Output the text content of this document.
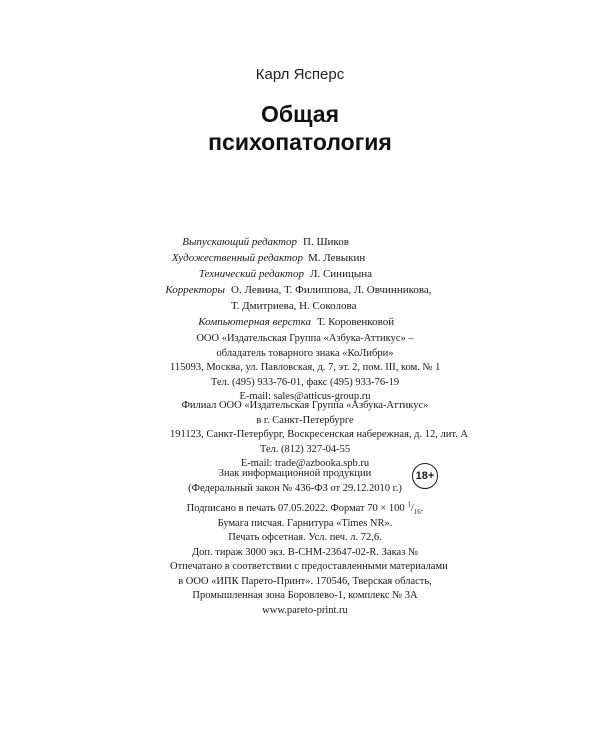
Карл Ясперс
Общая
психопатология
Выпускающий редактор П. Шиков
Художественный редактор М. Левыкин
Технический редактор Л. Синицына
Корректоры О. Левина, Т. Филиппова, Л. Овчинникова,
Т. Дмитриева, Н. Соколова
Компьютерная верстка Т. Коровенковой
ООО «Издательская Группа «Азбука-Аттикус» –
обладатель товарного знака «КоЛибри»
115093, Москва, ул. Павловская, д. 7, эт. 2, пом. III, ком. № 1
Тел. (495) 933-76-01, факс (495) 933-76-19
E-mail: sales@atticus-group.ru
Филиал ООО «Издательская Группа «Азбука-Аттикус»
в г. Санкт-Петербурге
191123, Санкт-Петербург, Воскресенская набережная, д. 12, лит. А
Тел. (812) 327-04-55
E-mail: trade@azbooka.spb.ru
Знак информационной продукции
(Федеральный закон № 436-ФЗ от 29.12.2010 г.)
18+
Подписано в печать 07.05.2022. Формат 70 × 100 $^1/_{16}$.
Бумага писчая. Гарнитура «Times NR».
Печать офсетная. Усл. печ. л. 72,6.
Доп. тираж 3000 экз. В-CHM-23647-02-R. Заказ №
Отпечатано в соответствии с предоставленными материалами
в ООО «ИПК Парето-Принт». 170546, Тверская область,
Промышленная зона Боровлево-1, комплекс № 3А
www.pareto-print.ru
